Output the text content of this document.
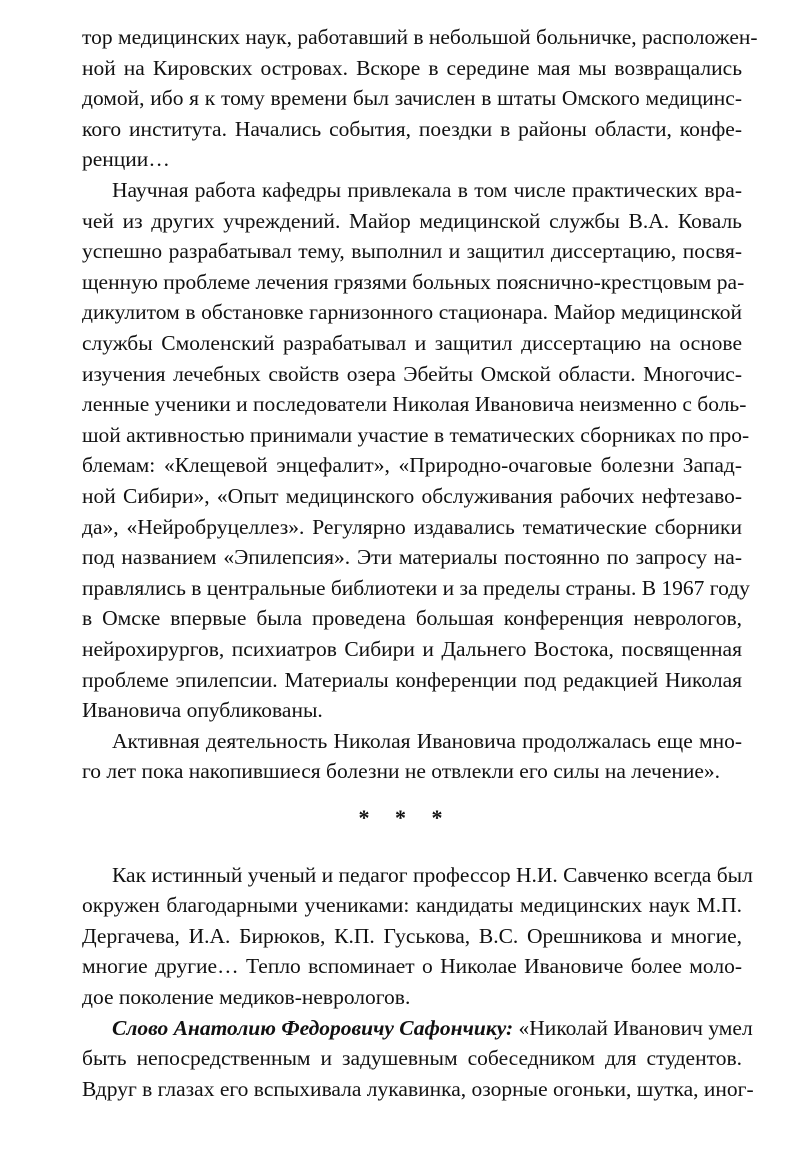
тор медицинских наук, работавший в небольшой больничке, расположен-
ной на Кировских островах. Вскоре в середине мая мы возвращались
домой, ибо я к тому времени был зачислен в штаты Омского медицинс-
кого института. Начались события, поездки в районы области, конфе-
ренции…
Научная работа кафедры привлекала в том числе практических вра-
чей из других учреждений. Майор медицинской службы В.А. Коваль
успешно разрабатывал тему, выполнил и защитил диссертацию, посвя-
щенную проблеме лечения грязями больных пояснично-крестцовым ра-
дикулитом в обстановке гарнизонного стационара. Майор медицинской
службы Смоленский разрабатывал и защитил диссертацию на основе
изучения лечебных свойств озера Эбейты Омской области. Многочис-
ленные ученики и последователи Николая Ивановича неизменно с боль-
шой активностью принимали участие в тематических сборниках по про-
блемам: «Клещевой энцефалит», «Природно-очаговые болезни Запад-
ной Сибири», «Опыт медицинского обслуживания рабочих нефтезаво-
да», «Нейробруцеллез». Регулярно издавались тематические сборники
под названием «Эпилепсия». Эти материалы постоянно по запросу на-
правлялись в центральные библиотеки и за пределы страны. В 1967 году
в Омске впервые была проведена большая конференция неврологов,
нейрохирургов, психиатров Сибири и Дальнего Востока, посвященная
проблеме эпилепсии. Материалы конференции под редакцией Николая
Ивановича опубликованы.
Активная деятельность Николая Ивановича продолжалась еще мно-
го лет пока накопившиеся болезни не отвлекли его силы на лечение».
* * *
Как истинный ученый и педагог профессор Н.И. Савченко всегда был
окружен благодарными учениками: кандидаты медицинских наук М.П.
Дергачева, И.А. Бирюков, К.П. Гуськова, В.С. Орешникова и многие,
многие другие… Тепло вспоминает о Николае Ивановиче более моло-
дое поколение медиков-неврологов.
Слово Анатолию Федоровичу Сафончику: «Николай Иванович умел
быть непосредственным и задушевным собеседником для студентов.
Вдруг в глазах его вспыхивала лукавинка, озорные огоньки, шутка, иног-
